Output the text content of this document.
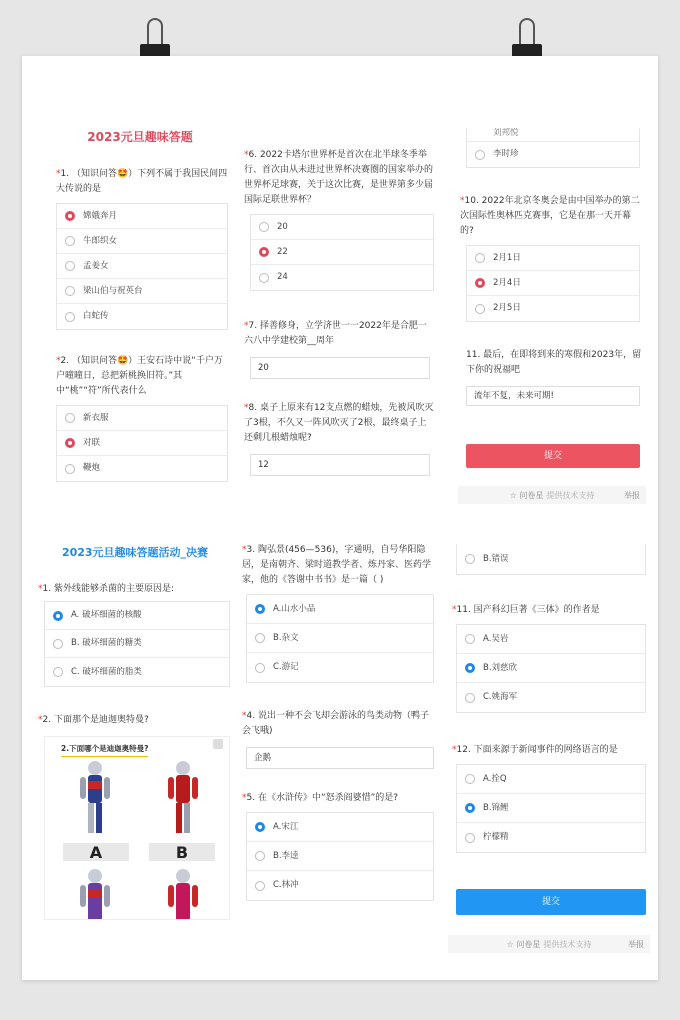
2023元旦趣味答题
*1. （知识问答🤩）下列不属于我国民间四大传说的是
嫦娥奔月
牛郎织女
孟姜女
梁山伯与祝英台
白蛇传
*2. （知识问答🤩）王安石诗中说“千户万户曈曈日，总把新桃换旧符。”其中“桃”“符”所代表什么
新衣服
对联
鞭炮
*6. 2022卡塔尔世界杯是首次在北半球冬季举行、首次由从未进过世界杯决赛圈的国家举办的世界杯足球赛，关于这次比赛，是世界第多少届国际足联世界杯？
20
22
24
*7. 择善修身，立学济世一一2022年是合肥一六八中学建校第__周年
20
*8. 桌子上原来有12支点燃的蜡烛，先被风吹灭了3根，不久又一阵风吹灭了2根，最终桌子上还剩几根蜡烛呢?
12
刘邦悦
李时珍
*10. 2022年北京冬奥会是由中国举办的第二次国际性奥林匹克赛事，它是在那一天开幕的?
2月1日
2月4日
2月5日
11. 最后，在即将到来的寒假和2023年，留下你的祝福吧
流年不复，未来可期!
提交
☆
问卷星 提供技术支持	举报
2023元旦趣味答题活动_决赛
*1. 紫外线能够杀菌的主要原因是:
A. 破坏细菌的核酸
B. 破坏细菌的糖类
C. 破坏细菌的脂类
*2. 下面那个是迪迦奥特曼?
2.下面哪个是迪迦奥特曼?
A	B
*3. 陶弘景(456—536)，字通明，自号华阳隐居，是南朝齐、梁时道教学者、炼丹家、医药学家，他的《答谢中书书》是一篇（ )
A.山水小品
B.杂文
C.游记
*4. 说出一种不会飞却会游泳的鸟类动物（鸭子会飞哦)
企鹅
*5. 在《水浒传》中“怒杀阎婆惜”的是?
A.宋江
B.李逵
C.林冲
B.错误
*11. 国产科幻巨著《三体》的作者是
A.吴岩
B.刘慈欣
C.姚海军
*12. 下面来源于新闻事件的网络语言的是
A.拴Q
B.锦鲤
柠檬精
提交
☆
问卷星 提供技术支持	举报
